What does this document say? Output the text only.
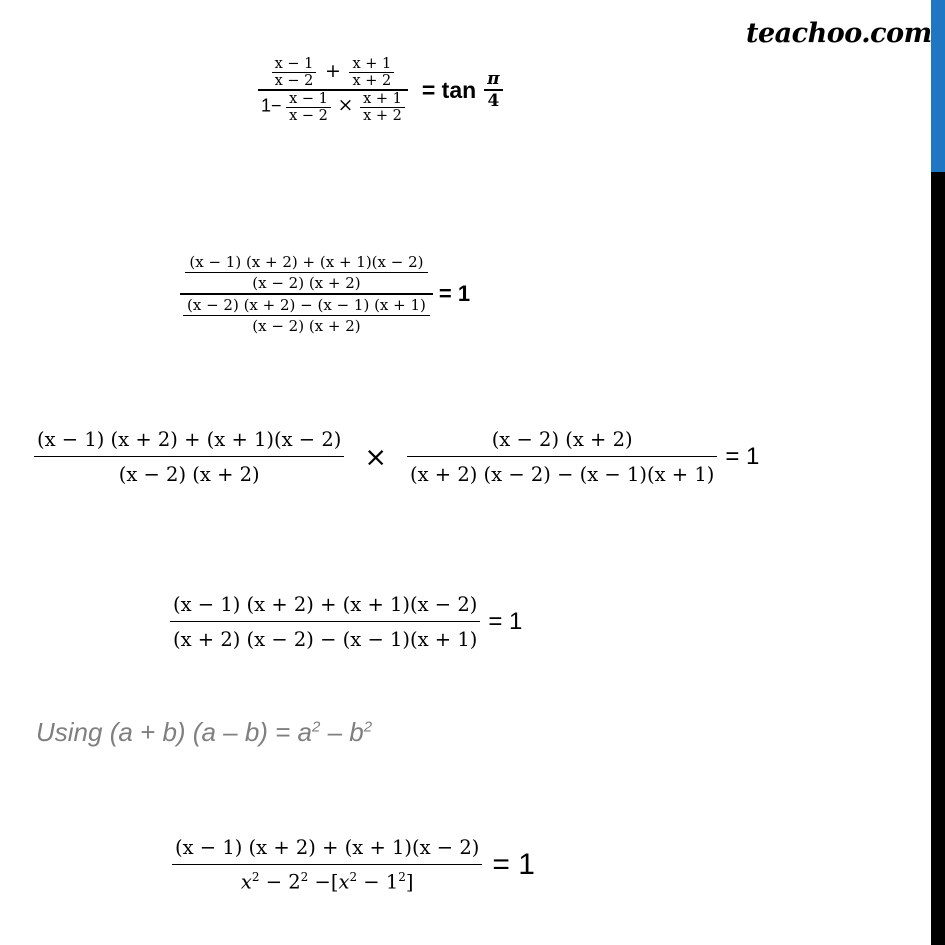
teachoo.com
$\frac{x - 1}{x - 2} + \frac{x + 1}{x + 2}$
$1- \frac{x - 1}{x - 2} \times \frac{x + 1}{x + 2}$
= $\tan \frac{\pi}{4}$
$\frac{(x - 1) (x + 2) + (x + 1)(x - 2)}{(x - 2) (x + 2)}$
$\frac{(x - 2) (x + 2) - (x - 1) (x + 1)}{(x - 2) (x + 2)}$
= 1
$\frac{(x - 1) (x + 2) + (x + 1)(x - 2)}{(x - 2) (x + 2)} \times \frac{(x - 2) (x + 2)}{(x + 2) (x - 2) - (x - 1)(x + 1)} = 1$
$\frac{(x - 1) (x + 2) + (x + 1)(x - 2)}{(x + 2) (x - 2) - (x - 1)(x + 1)} = 1$
Using (a + b) $(a - b) = a^2 - b^2$
$\frac{(x - 1) (x + 2) + (x + 1)(x - 2)}{x^2 - 2^2 -[x^2 - 1^2]} = 1$
